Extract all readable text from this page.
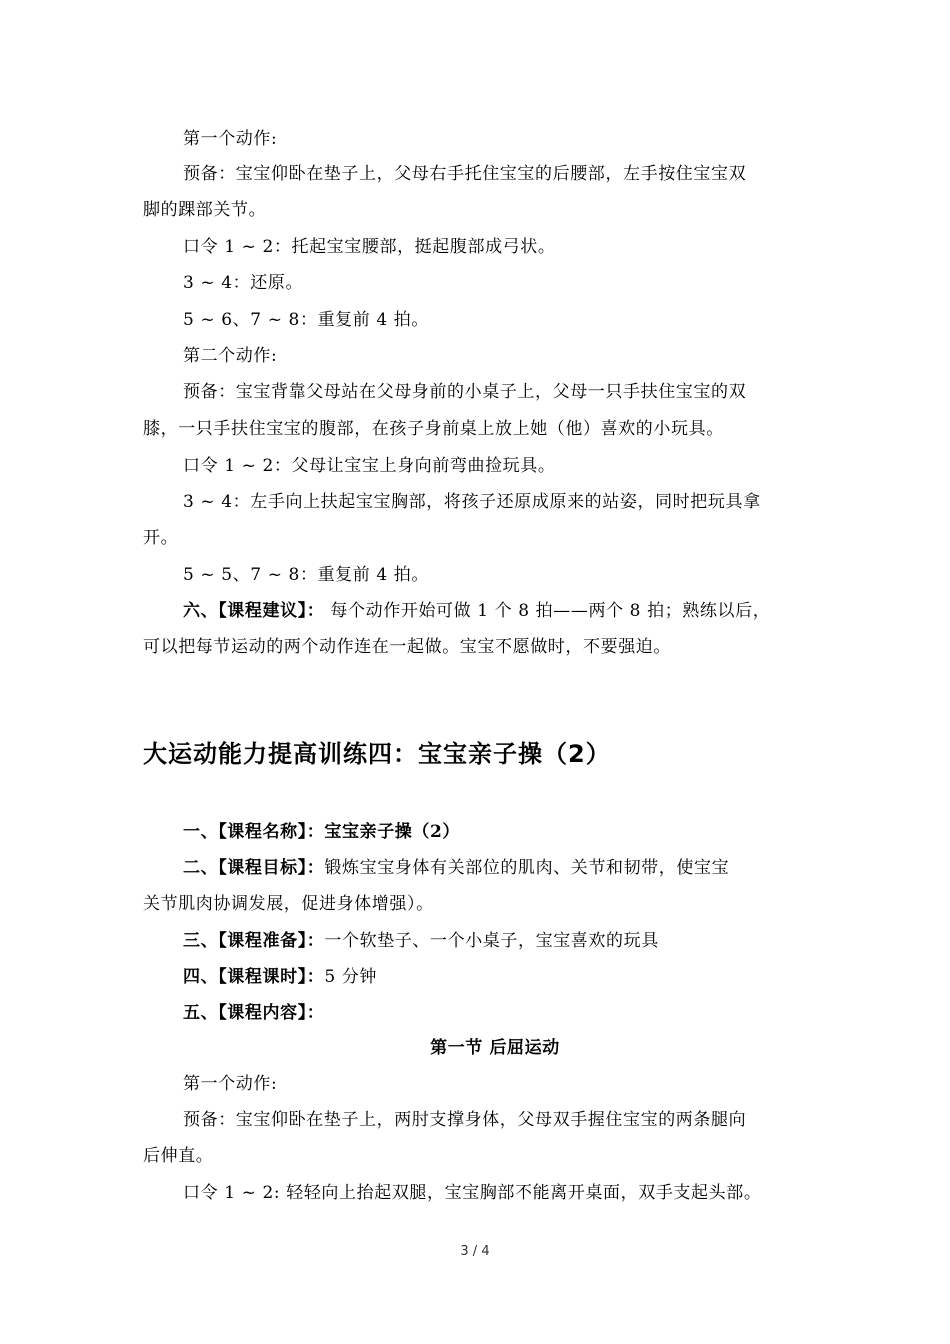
第一个动作:

预备：宝宝仰卧在垫子上，父母右手托住宝宝的后腰部，左手按住宝宝双

脚的踝部关节。

口令 1 ~ 2：托起宝宝腰部，挺起腹部成弓状。

3 ~ 4：还原。

5 ~ 6、7 ~ 8：重复前 4 拍。

第二个动作:

预备：宝宝背靠父母站在父母身前的小桌子上，父母一只手扶住宝宝的双

膝，一只手扶住宝宝的腹部，在孩子身前桌上放上她（他）喜欢的小玩具。

口令 1 ~ 2：父母让宝宝上身向前弯曲捡玩具。

3 ~ 4：左手向上扶起宝宝胸部，将孩子还原成原来的站姿，同时把玩具拿

开。

5 ~ 5、7 ~ 8：重复前 4 拍。

六、【课程建议】： 每个动作开始可做 1 个 8 拍——两个 8 拍；熟练以后，

可以把每节运动的两个动作连在一起做。宝宝不愿做时，不要强迫。

大运动能力提高训练四：宝宝亲子操（2）

一、【课程名称】：宝宝亲子操（2）

二、【课程目标】：锻炼宝宝身体有关部位的肌肉、关节和韧带，使宝宝

关节肌肉协调发展，促进身体增强）。

三、【课程准备】：一个软垫子、一个小桌子，宝宝喜欢的玩具

四、【课程课时】：5 分钟

五、【课程内容】：

第一节 后屈运动

第一个动作:

预备：宝宝仰卧在垫子上，两肘支撑身体，父母双手握住宝宝的两条腿向

后伸直。

口令 1 ~ 2: 轻轻向上抬起双腿，宝宝胸部不能离开桌面，双手支起头部。

3 / 4
